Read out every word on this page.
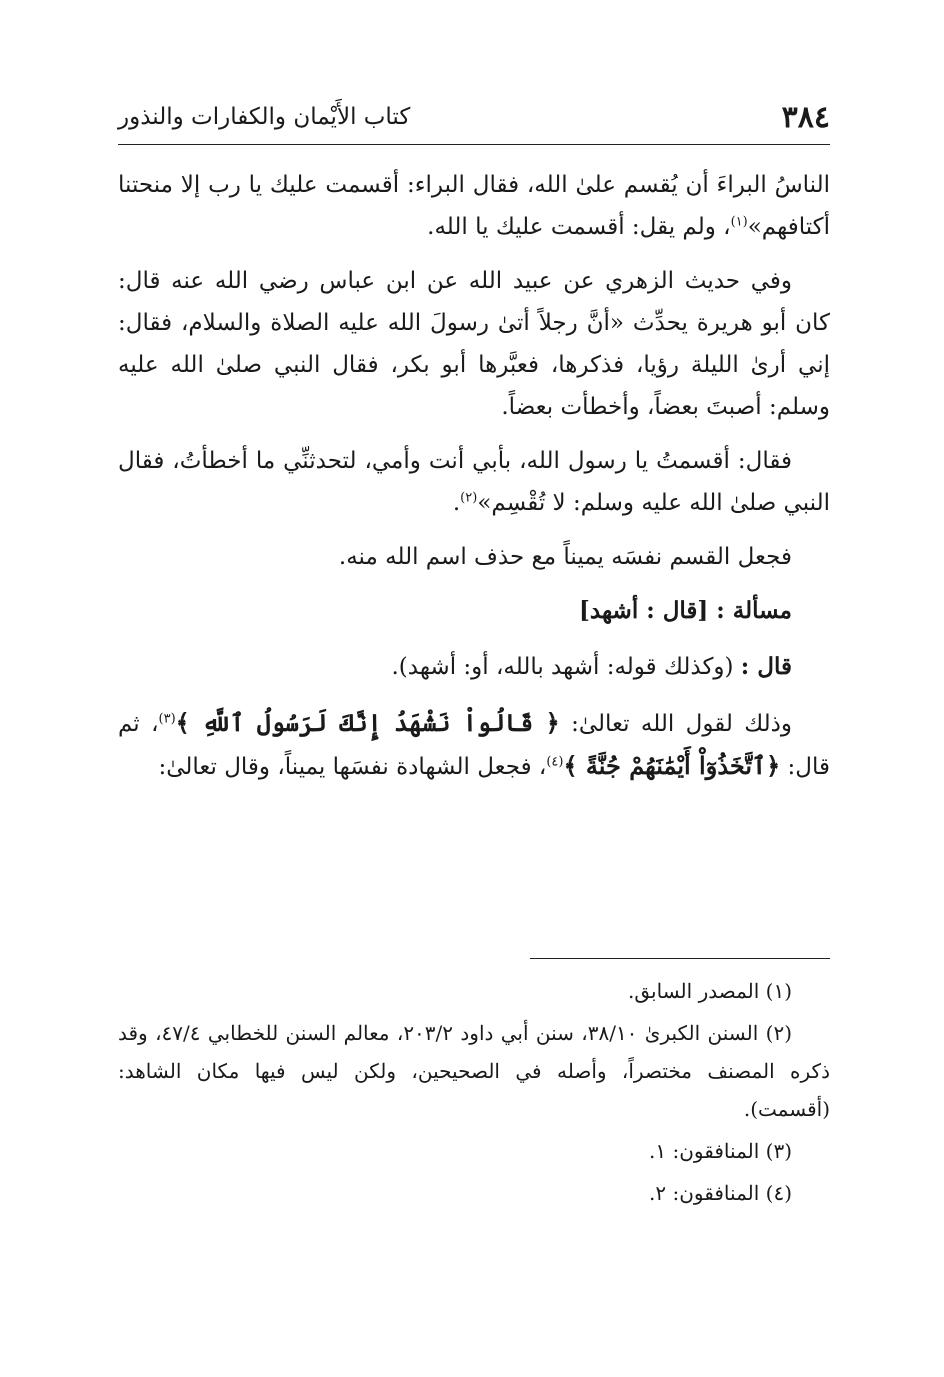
٣٨٤
كتاب الأَيْمان والكفارات والنذور

الناسُ البراءَ أن يُقسم علىٰ الله، فقال البراء: أقسمت عليك يا رب إلا منحتنا أكتافهم»$^{(١)}$، ولم يقل: أقسمت عليك يا الله.

وفي حديث الزهري عن عبيد الله عن ابن عباس رضي الله عنه قال: كان أبو هريرة يحدِّث «أنَّ رجلاً أتىٰ رسولَ الله عليه الصلاة والسلام، فقال: إني أرىٰ الليلة رؤيا، فذكرها، فعبَّرها أبو بكر، فقال النبي صلىٰ الله عليه وسلم: أصبتَ بعضاً، وأخطأت بعضاً.

فقال: أقسمتُ يا رسول الله، بأبي أنت وأمي، لتحدثنِّي ما أخطأتُ، فقال النبي صلىٰ الله عليه وسلم: لا تُقْسِم»$^{(٢)}$.

فجعل القسم نفسَه يميناً مع حذف اسم الله منه.

مسألة : [قال : أشهد]

قال : (وكذلك قوله: أشهد بالله، أو: أشهد).

وذلك لقول الله تعالىٰ: ﴿ قَالُواْ نَشْهَدُ إِنَّكَ لَرَسُولُ ٱللَّهِ ﴾$^{(٣)}$، ثم قال: ﴿ٱتَّخَذُوٓاْ أَيْمَٰنَهُمْ جُنَّةً ﴾$^{(٤)}$، فجعل الشهادة نفسَها يميناً، وقال تعالىٰ:

(١) المصدر السابق.

(٢) السنن الكبرىٰ ٣٨/١٠، سنن أبي داود ٢٠٣/٢، معالم السنن للخطابي ٤٧/٤، وقد ذكره المصنف مختصراً، وأصله في الصحيحين، ولكن ليس فيها مكان الشاهد: (أقسمت).

(٣) المنافقون: ١.

(٤) المنافقون: ٢.
